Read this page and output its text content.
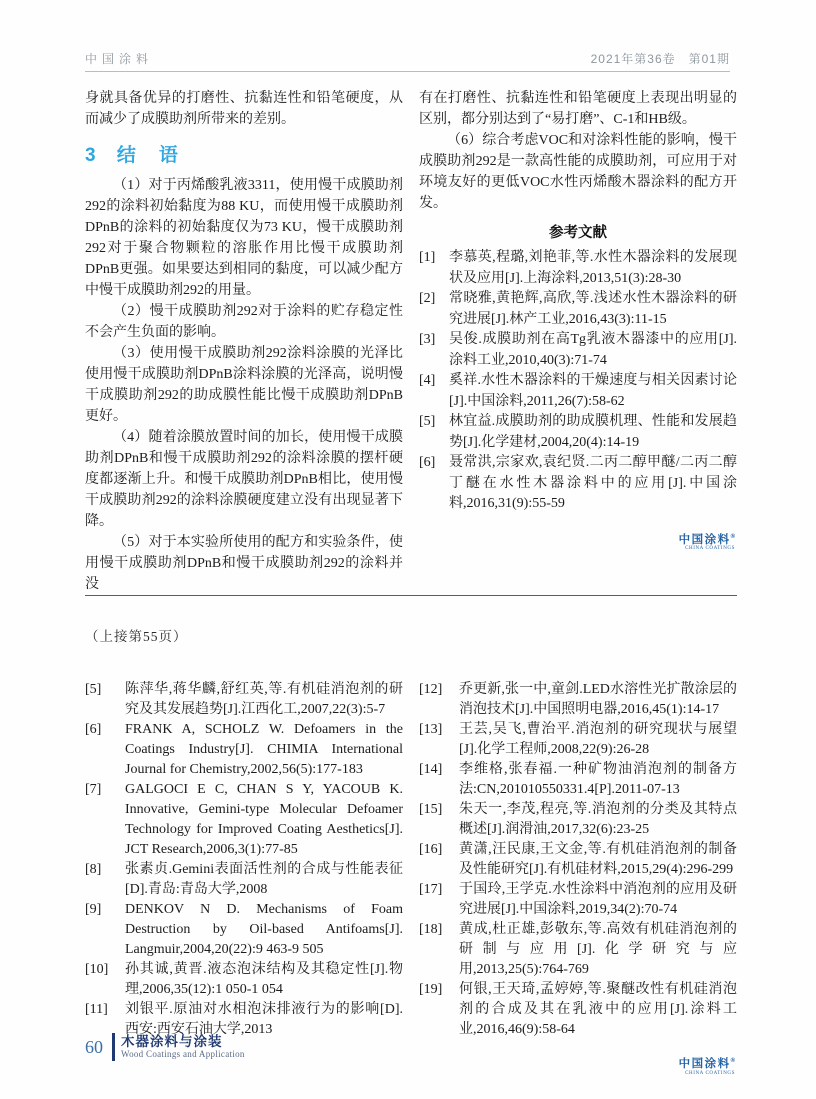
中国涂料	2021年第36卷　第01期

身就具备优异的打磨性、抗黏连性和铅笔硬度，从而减少了成膜助剂所带来的差别。

3 结　语

（1）对于丙烯酸乳液3311，使用慢干成膜助剂292的涂料初始黏度为88 KU，而使用慢干成膜助剂DPnB的涂料的初始黏度仅为73 KU，慢干成膜助剂292对于聚合物颗粒的溶胀作用比慢干成膜助剂DPnB更强。如果要达到相同的黏度，可以减少配方中慢干成膜助剂292的用量。

（2）慢干成膜助剂292对于涂料的贮存稳定性不会产生负面的影响。

（3）使用慢干成膜助剂292涂料涂膜的光泽比使用慢干成膜助剂DPnB涂料涂膜的光泽高，说明慢干成膜助剂292的助成膜性能比慢干成膜助剂DPnB更好。

（4）随着涂膜放置时间的加长，使用慢干成膜助剂DPnB和慢干成膜助剂292的涂料涂膜的摆杆硬度都逐渐上升。和慢干成膜助剂DPnB相比，使用慢干成膜助剂292的涂料涂膜硬度建立没有出现显著下降。

（5）对于本实验所使用的配方和实验条件，使用慢干成膜助剂DPnB和慢干成膜助剂292的涂料并没

有在打磨性、抗黏连性和铅笔硬度上表现出明显的区别，都分别达到了“易打磨”、C-1和HB级。

（6）综合考虑VOC和对涂料性能的影响，慢干成膜助剂292是一款高性能的成膜助剂，可应用于对环境友好的更低VOC水性丙烯酸木器涂料的配方开发。

参考文献
[1] 李慕英,程璐,刘艳菲,等.水性木器涂料的发展现状及应用[J].上海涂料,2013,51(3):28-30
[2] 常晓雅,黄艳辉,高欣,等.浅述水性木器涂料的研究进展[J].林产工业,2016,43(3):11-15
[3] 吴俊.成膜助剂在高Tg乳液木器漆中的应用[J].涂料工业,2010,40(3):71-74
[4] 奚祥.水性木器涂料的干燥速度与相关因素讨论[J].中国涂料,2011,26(7):58-62
[5] 林宜益.成膜助剂的助成膜机理、性能和发展趋势[J].化学建材,2004,20(4):14-19
[6] 聂常洪,宗家欢,袁纪贤.二丙二醇甲醚/二丙二醇丁醚在水性木器涂料中的应用[J].中国涂料,2016,31(9):55-59
中国涂料®
CHINA COATINGS

（上接第55页）

[5]	陈萍华,蒋华麟,舒红英,等.有机硅消泡剂的研究及其发展趋势[J].江西化工,2007,22(3):5-7
[6]	FRANK A, SCHOLZ W. Defoamers in the Coatings Industry[J]. CHIMIA International Journal for Chemistry,2002,56(5):177-183
[7]	GALGOCI E C, CHAN S Y, YACOUB K. Innovative, Gemini-type Molecular Defoamer Technology for Improved Coating Aesthetics[J]. JCT Research,2006,3(1):77-85
[8]	张素贞.Gemini表面活性剂的合成与性能表征[D].青岛:青岛大学,2008
[9]	DENKOV N D. Mechanisms of Foam Destruction by Oil-based Antifoams[J]. Langmuir,2004,20(22):9 463-9 505
[10]	孙其诚,黄晋.液态泡沫结构及其稳定性[J].物理,2006,35(12):1 050-1 054
[11]	刘银平.原油对水相泡沫排液行为的影响[D].西安:西安石油大学,2013
[12]	乔更新,张一中,童剑.LED水溶性光扩散涂层的消泡技术[J].中国照明电器,2016,45(1):14-17
[13]	王芸,吴飞,曹治平.消泡剂的研究现状与展望[J].化学工程师,2008,22(9):26-28
[14]	李维格,张春福.一种矿物油消泡剂的制备方法:CN,201010550331.4[P].2011-07-13
[15]	朱天一,李茂,程亮,等.消泡剂的分类及其特点概述[J].润滑油,2017,32(6):23-25
[16]	黄潇,汪民康,王文金,等.有机硅消泡剂的制备及性能研究[J].有机硅材料,2015,29(4):296-299
[17]	于国玲,王学克.水性涂料中消泡剂的应用及研究进展[J].中国涂料,2019,34(2):70-74
[18]	黄成,杜正雄,彭敬东,等.高效有机硅消泡剂的研制与应用[J].化学研究与应用,2013,25(5):764-769
[19]	何银,王天琦,孟婷婷,等.聚醚改性有机硅消泡剂的合成及其在乳液中的应用[J].涂料工业,2016,46(9):58-64
中国涂料®
CHINA COATINGS
60 木器涂料与涂装
Wood Coatings and Application
